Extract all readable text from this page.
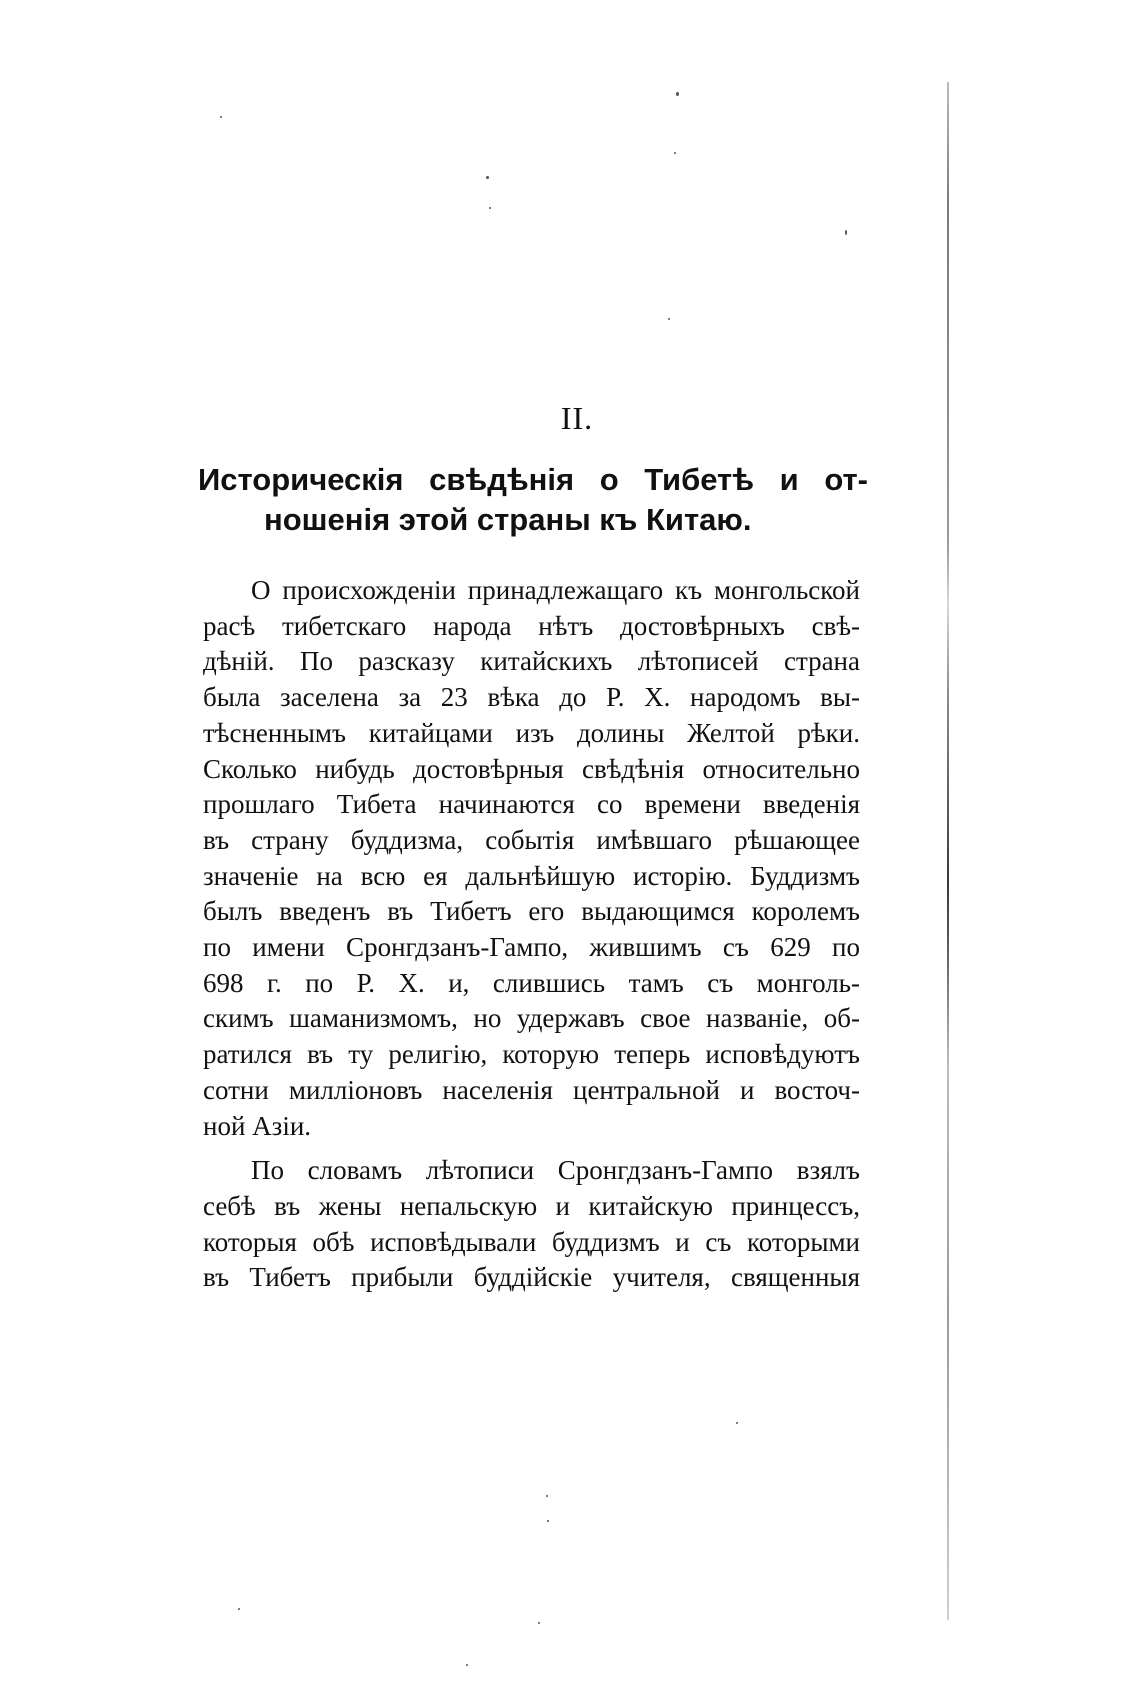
II.
Историческія свѣдѣнія о Тибетѣ и от-
ношенія этой страны къ Китаю.

О происхожденіи принадлежащаго къ монгольской
расѣ тибетскаго народа нѣтъ достовѣрныхъ свѣ-
дѣній. По разсказу китайскихъ лѣтописей страна
была заселена за 23 вѣка до Р. Х. народомъ вы-
тѣсненнымъ китайцами изъ долины Желтой рѣки.
Сколько нибудь достовѣрныя свѣдѣнія относительно
прошлаго Тибета начинаются со времени введенія
въ страну буддизма, событія имѣвшаго рѣшающее
значеніе на всю ея дальнѣйшую исторію. Буддизмъ
былъ введенъ въ Тибетъ его выдающимся королемъ
по имени Сронгдзанъ-Гампо, жившимъ съ 629 по
698 г. по Р. Х. и, слившись тамъ съ монголь-
скимъ шаманизмомъ, но удержавъ свое названіе, об-
ратился въ ту религію, которую теперь исповѣдуютъ
сотни милліоновъ населенія центральной и восточ-
ной Азіи.

По словамъ лѣтописи Сронгдзанъ-Гампо взялъ
себѣ въ жены непальскую и китайскую принцессъ,
которыя обѣ исповѣдывали буддизмъ и съ которыми
въ Тибетъ прибыли буддійскіе учителя, священныя
